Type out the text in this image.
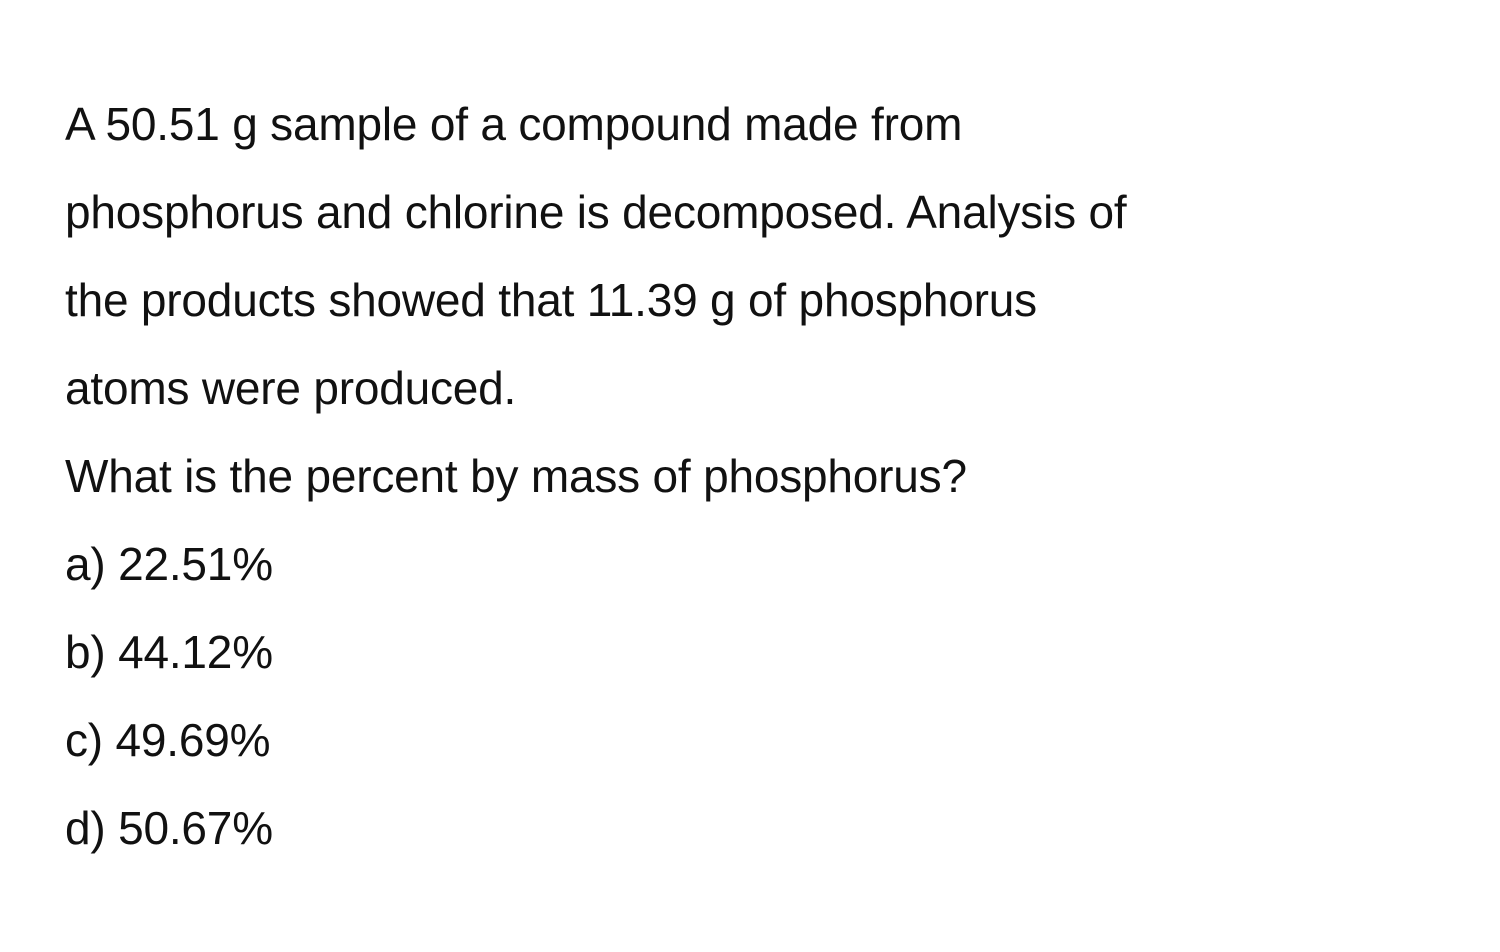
A 50.51 g sample of a compound made from
phosphorus and chlorine is decomposed. Analysis of
the products showed that 11.39 g of phosphorus
atoms were produced.
What is the percent by mass of phosphorus?
a) 22.51%
b) 44.12%
c) 49.69%
d) 50.67%
